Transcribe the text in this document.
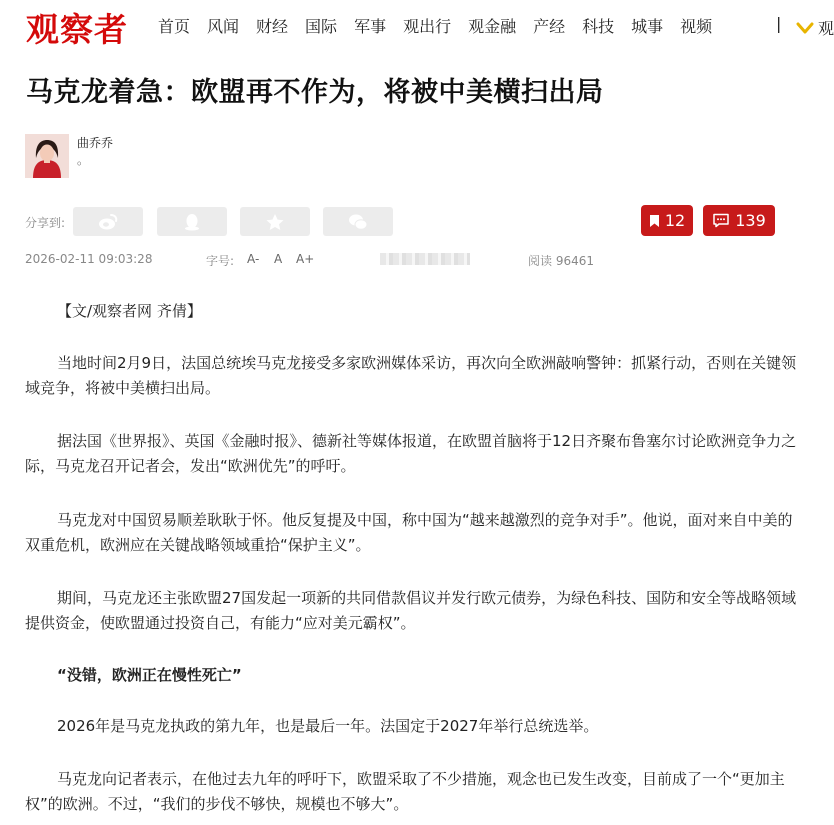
观察者 首页 风闻 财经 国际 军事 观出行 观金融 产经 科技 城事 视频	| 观
马克龙着急：欧盟再不作为，将被中美横扫出局
曲乔乔
。
分享到:	12	139
2026-02-11 09:03:28	字号: A- A A+	阅读 96461

【文/观察者网 齐倩】

当地时间2月9日，法国总统埃马克龙接受多家欧洲媒体采访，再次向全欧洲敲响警钟：抓紧行动，否则在关键领域竞争，将被中美横扫出局。

据法国《世界报》、英国《金融时报》、德新社等媒体报道，在欧盟首脑将于12日齐聚布鲁塞尔讨论欧洲竞争力之际，马克龙召开记者会，发出“欧洲优先”的呼吁。

马克龙对中国贸易顺差耿耿于怀。他反复提及中国，称中国为“越来越激烈的竞争对手”。他说，面对来自中美的双重危机，欧洲应在关键战略领域重拾“保护主义”。

期间，马克龙还主张欧盟27国发起一项新的共同借款倡议并发行欧元债券，为绿色科技、国防和安全等战略领域提供资金，使欧盟通过投资自己，有能力“应对美元霸权”。

“没错，欧洲正在慢性死亡”

2026年是马克龙执政的第九年，也是最后一年。法国定于2027年举行总统选举。

马克龙向记者表示，在他过去九年的呼吁下，欧盟采取了不少措施，观念也已发生改变，目前成了一个“更加主权”的欧洲。不过，“我们的步伐不够快，规模也不够大”。
